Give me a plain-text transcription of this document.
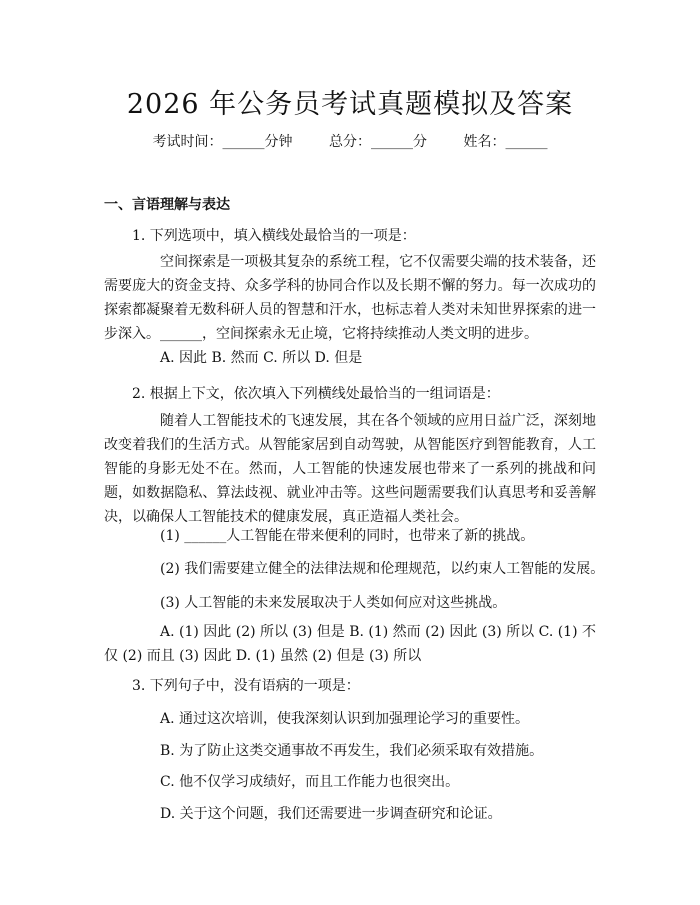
2026 年公务员考试真题模拟及答案
考试时间：______分钟	总分：______分	姓名：______
一、言语理解与表达
1. 下列选项中，填入横线处最恰当的一项是：
空间探索是一项极其复杂的系统工程，它不仅需要尖端的技术装备，还需要庞大的资金支持、众多学科的协同合作以及长期不懈的努力。每一次成功的探索都凝聚着无数科研人员的智慧和汗水，也标志着人类对未知世界探索的进一步深入。______，空间探索永无止境，它将持续推动人类文明的进步。
A. 因此 B. 然而 C. 所以 D. 但是
2. 根据上下文，依次填入下列横线处最恰当的一组词语是：
随着人工智能技术的飞速发展，其在各个领域的应用日益广泛，深刻地改变着我们的生活方式。从智能家居到自动驾驶，从智能医疗到智能教育，人工智能的身影无处不在。然而，人工智能的快速发展也带来了一系列的挑战和问题，如数据隐私、算法歧视、就业冲击等。这些问题需要我们认真思考和妥善解决，以确保人工智能技术的健康发展，真正造福人类社会。
(1) ______人工智能在带来便利的同时，也带来了新的挑战。
(2) 我们需要建立健全的法律法规和伦理规范，以约束人工智能的发展。
(3) 人工智能的未来发展取决于人类如何应对这些挑战。
A. (1) 因此 (2) 所以 (3) 但是 B. (1) 然而 (2) 因此 (3) 所以 C. (1) 不仅 (2) 而且 (3) 因此 D. (1) 虽然 (2) 但是 (3) 所以
3. 下列句子中，没有语病的一项是：
A. 通过这次培训，使我深刻认识到加强理论学习的重要性。
B. 为了防止这类交通事故不再发生，我们必须采取有效措施。
C. 他不仅学习成绩好，而且工作能力也很突出。
D. 关于这个问题，我们还需要进一步调查研究和论证。
